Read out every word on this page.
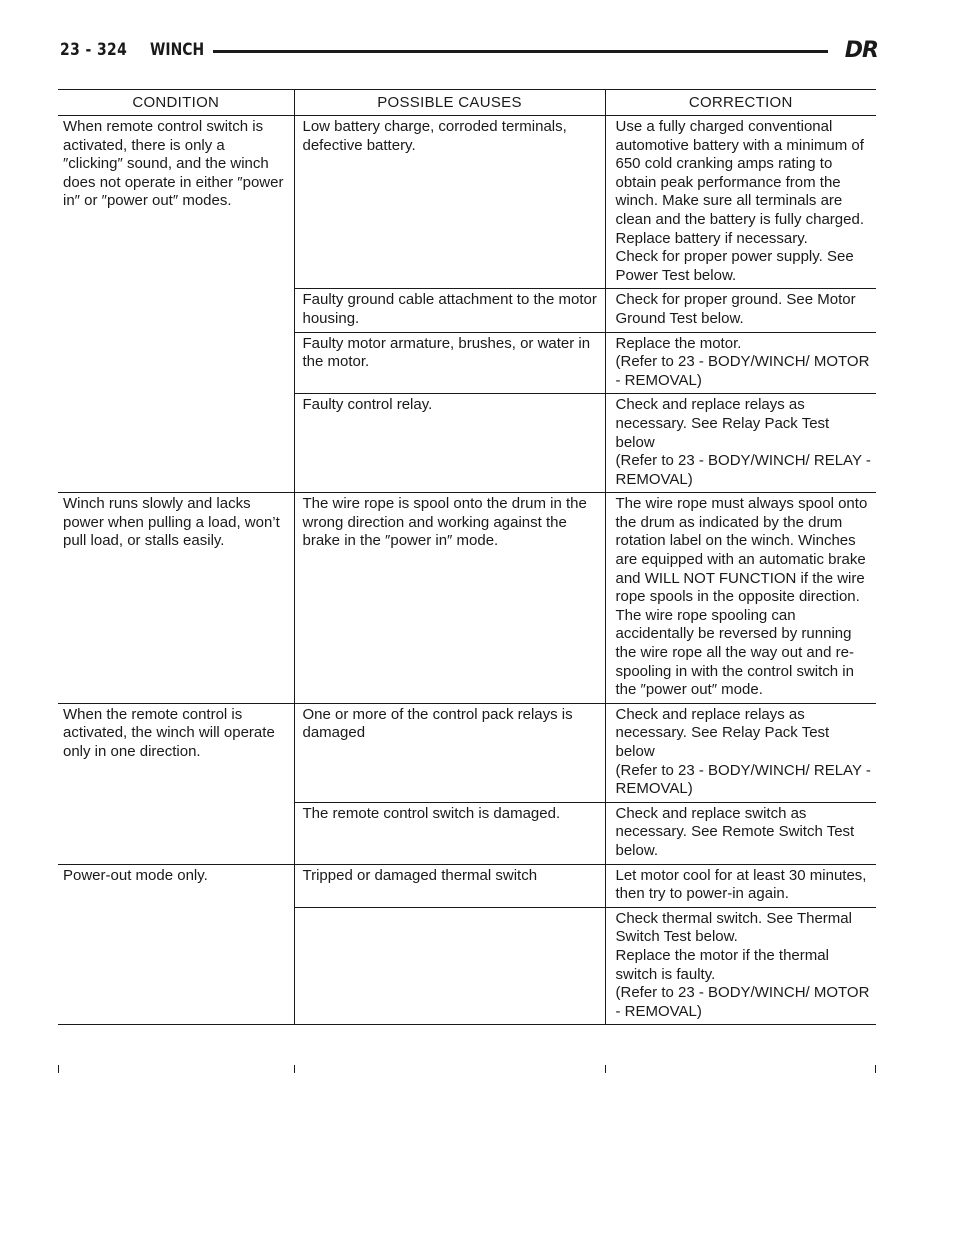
23 - 324 WINCH	DR
CONDITION	POSSIBLE CAUSES	CORRECTION
When remote control switch is activated, there is only a ″clicking″ sound, and the winch does not operate in either ″power in″ or ″power out″ modes.	Low battery charge, corroded terminals, defective battery.	Use a fully charged conventional automotive battery with a minimum of 650 cold cranking amps rating to obtain peak performance from the winch. Make sure all terminals are clean and the battery is fully charged. Replace battery if necessary.
Check for proper power supply. See Power Test below.

	Faulty ground cable attachment to the motor housing.	Check for proper ground. See Motor Ground Test below.

	Faulty motor armature, brushes, or water in the motor.	Replace the motor.
(Refer to 23 - BODY/WINCH/ MOTOR - REMOVAL)

	Faulty control relay.	Check and replace relays as necessary. See Relay Pack Test below
(Refer to 23 - BODY/WINCH/ RELAY - REMOVAL)

Winch runs slowly and lacks power when pulling a load, won’t pull load, or stalls easily.	The wire rope is spool onto the drum in the wrong direction and working against the brake in the ″power in″ mode.	The wire rope must always spool onto the drum as indicated by the drum rotation label on the winch. Winches are equipped with an automatic brake and WILL NOT FUNCTION if the wire rope spools in the opposite direction. The wire rope spooling can accidentally be reversed by running the wire rope all the way out and re-spooling in with the control switch in the ″power out″ mode.

When the remote control is activated, the winch will operate only in one direction.	One or more of the control pack relays is damaged	Check and replace relays as necessary. See Relay Pack Test below
(Refer to 23 - BODY/WINCH/ RELAY - REMOVAL)

	The remote control switch is damaged.	Check and replace switch as necessary. See Remote Switch Test below.

Power-out mode only.	Tripped or damaged thermal switch	Let motor cool for at least 30 minutes, then try to power-in again.

		Check thermal switch. See Thermal Switch Test below.
Replace the motor if the thermal switch is faulty.
(Refer to 23 - BODY/WINCH/ MOTOR - REMOVAL)
